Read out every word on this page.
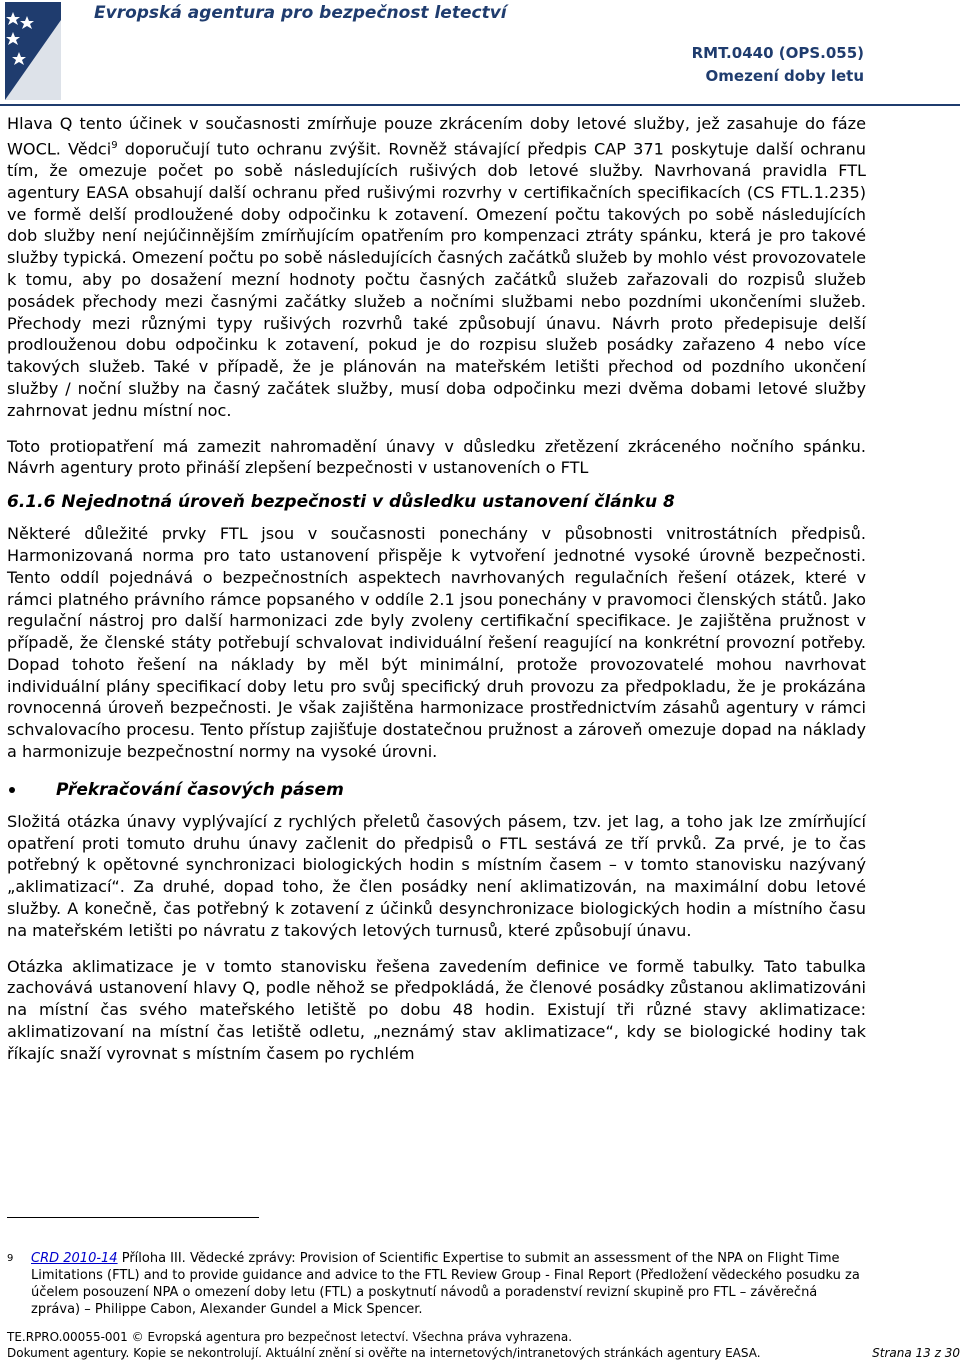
Evropská agentura pro bezpečnost letectví
RMT.0440 (OPS.055)
Omezení doby letu

Hlava Q tento účinek v současnosti zmírňuje pouze zkrácením doby letové služby, jež zasahuje do fáze WOCL. Vědci$^9$ doporučují tuto ochranu zvýšit. Rovněž stávající předpis CAP 371 poskytuje další ochranu tím, že omezuje počet po sobě následujících rušivých dob letové služby. Navrhovaná pravidla FTL agentury EASA obsahují další ochranu před rušivými rozvrhy v certifikačních specifikacích (CS FTL.1.235) ve formě delší prodloužené doby odpočinku k zotavení. Omezení počtu takových po sobě následujících dob služby není nejúčinnějším zmírňujícím opatřením pro kompenzaci ztráty spánku, která je pro takové služby typická. Omezení počtu po sobě následujících časných začátků služeb by mohlo vést provozovatele k tomu, aby po dosažení mezní hodnoty počtu časných začátků služeb zařazovali do rozpisů služeb posádek přechody mezi časnými začátky služeb a nočními službami nebo pozdními ukončeními služeb. Přechody mezi různými typy rušivých rozvrhů také způsobují únavu. Návrh proto předepisuje delší prodlouženou dobu odpočinku k zotavení, pokud je do rozpisu služeb posádky zařazeno 4 nebo více takových služeb. Také v případě, že je plánován na mateřském letišti přechod od pozdního ukončení služby / noční služby na časný začátek služby, musí doba odpočinku mezi dvěma dobami letové služby zahrnovat jednu místní noc.

Toto protiopatření má zamezit nahromadění únavy v důsledku zřetězení zkráceného nočního spánku. Návrh agentury proto přináší zlepšení bezpečnosti v ustanoveních o FTL

6.1.6 Nejednotná úroveň bezpečnosti v důsledku ustanovení článku 8

Některé důležité prvky FTL jsou v současnosti ponechány v působnosti vnitrostátních předpisů. Harmonizovaná norma pro tato ustanovení přispěje k vytvoření jednotné vysoké úrovně bezpečnosti. Tento oddíl pojednává o bezpečnostních aspektech navrhovaných regulačních řešení otázek, které v rámci platného právního rámce popsaného v oddíle 2.1 jsou ponechány v pravomoci členských států. Jako regulační nástroj pro další harmonizaci zde byly zvoleny certifikační specifikace. Je zajištěna pružnost v případě, že členské státy potřebují schvalovat individuální řešení reagující na konkrétní provozní potřeby. Dopad tohoto řešení na náklady by měl být minimální, protože provozovatelé mohou navrhovat individuální plány specifikací doby letu pro svůj specifický druh provozu za předpokladu, že je prokázána rovnocenná úroveň bezpečnosti. Je však zajištěna harmonizace prostřednictvím zásahů agentury v rámci schvalovacího procesu. Tento přístup zajišťuje dostatečnou pružnost a zároveň omezuje dopad na náklady a harmonizuje bezpečnostní normy na vysoké úrovni.

Překračování časových pásem

Složitá otázka únavy vyplývající z rychlých přeletů časových pásem, tzv. jet lag, a toho jak lze zmírňující opatření proti tomuto druhu únavy začlenit do předpisů o FTL sestává ze tří prvků. Za prvé, je to čas potřebný k opětovné synchronizaci biologických hodin s místním časem – v tomto stanovisku nazývaný „aklimatizací“. Za druhé, dopad toho, že člen posádky není aklimatizován, na maximální dobu letové služby. A konečně, čas potřebný k zotavení z účinků desynchronizace biologických hodin a místního času na mateřském letišti po návratu z takových letových turnusů, které způsobují únavu.

Otázka aklimatizace je v tomto stanovisku řešena zavedením definice ve formě tabulky. Tato tabulka zachovává ustanovení hlavy Q, podle něhož se předpokládá, že členové posádky zůstanou aklimatizováni na místní čas svého mateřského letiště po dobu 48 hodin. Existují tři různé stavy aklimatizace: aklimatizovaní na místní čas letiště odletu, „neznámý stav aklimatizace“, kdy se biologické hodiny tak říkajíc snaží vyrovnat s místním časem po rychlém

9 CRD 2010-14 Příloha III. Vědecké zprávy: Provision of Scientific Expertise to submit an assessment of the NPA on Flight Time Limitations (FTL) and to provide guidance and advice to the FTL Review Group - Final Report (Předložení vědeckého posudku za účelem posouzení NPA o omezení doby letu (FTL) a poskytnutí návodů a poradenství revizní skupině pro FTL – závěrečná zpráva) – Philippe Cabon, Alexander Gundel a Mick Spencer.
TE.RPRO.00055-001 © Evropská agentura pro bezpečnost letectví. Všechna práva vyhrazena.
Dokument agentury. Kopie se nekontrolují. Aktuální znění si ověřte na internetových/intranetových stránkách agentury EASA.	Strana 13 z 30
